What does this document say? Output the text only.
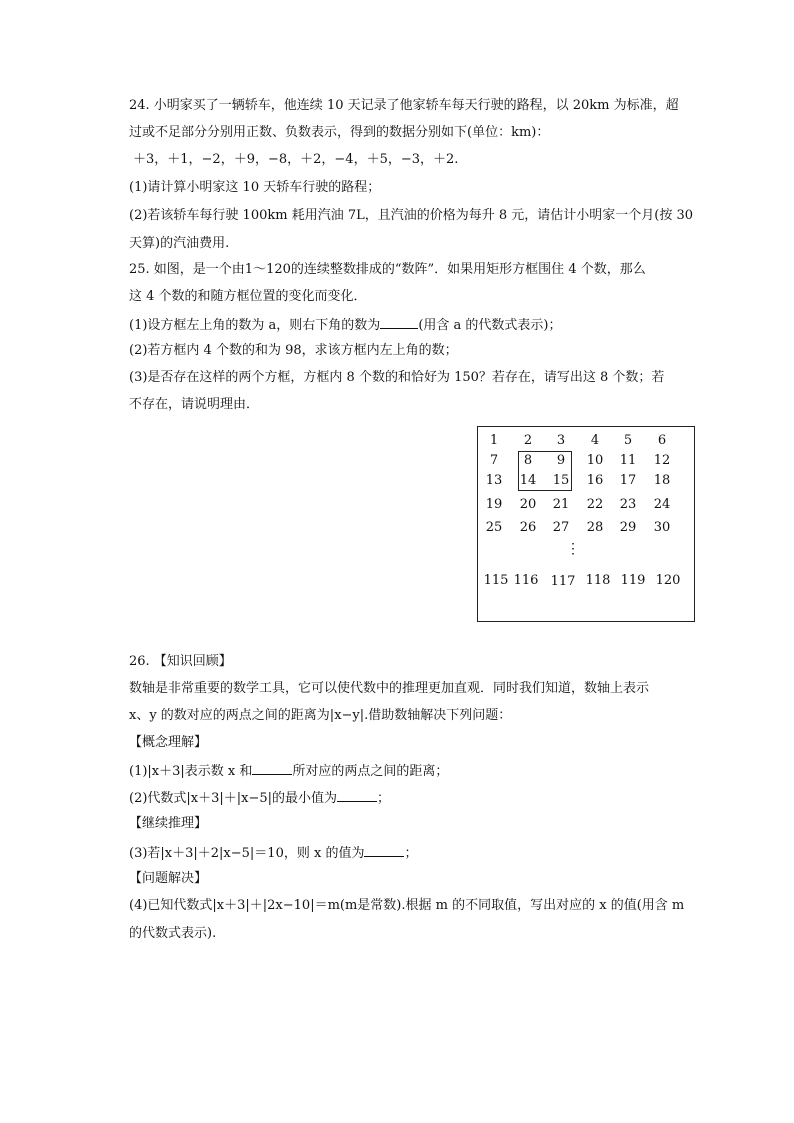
24. 小明家买了一辆轿车，他连续 10 天记录了他家轿车每天行驶的路程，以 20km 为标准，超
过或不足部分分别用正数、负数表示，得到的数据分别如下(单位：km)：
＋3，＋1，−2，＋9，−8，＋2，−4，＋5，−3，＋2.
(1)请计算小明家这 10 天轿车行驶的路程；
(2)若该轿车每行驶 100km 耗用汽油 7L，且汽油的价格为每升 8 元，请估计小明家一个月(按 30
天算)的汽油费用.
25. 如图，是一个由1～120的连续整数排成的“数阵”．如果用矩形方框围住 4 个数，那么
这 4 个数的和随方框位置的变化而变化．
(1)设方框左上角的数为 a，则右下角的数为	(用含 a 的代数式表示)；
(2)若方框内 4 个数的和为 98，求该方框内左上角的数；
(3)是否存在这样的两个方框，方框内 8 个数的和恰好为 150？若存在，请写出这 8 个数；若
不存在，请说明理由．
1	2	3	4	5	6
7	8	9	10	11	12
13	14	15	16	17	18
19	20	21	22	23	24
25	26	27	28	29	30
⋮
115 116 117 118 119 120
26. 【知识回顾】
数轴是非常重要的数学工具，它可以使代数中的推理更加直观．同时我们知道，数轴上表示
x、y 的数对应的两点之间的距离为|x−y|.借助数轴解决下列问题：
【概念理解】
(1)|x＋3|表示数 x 和	所对应的两点之间的距离；
(2)代数式|x＋3|＋|x−5|的最小值为	；
【继续推理】
(3)若|x＋3|＋2|x−5|＝10，则 x 的值为	；
【问题解决】
(4)已知代数式|x＋3|＋|2x−10|＝m(m是常数).根据 m 的不同取值，写出对应的 x 的值(用含 m
的代数式表示).
